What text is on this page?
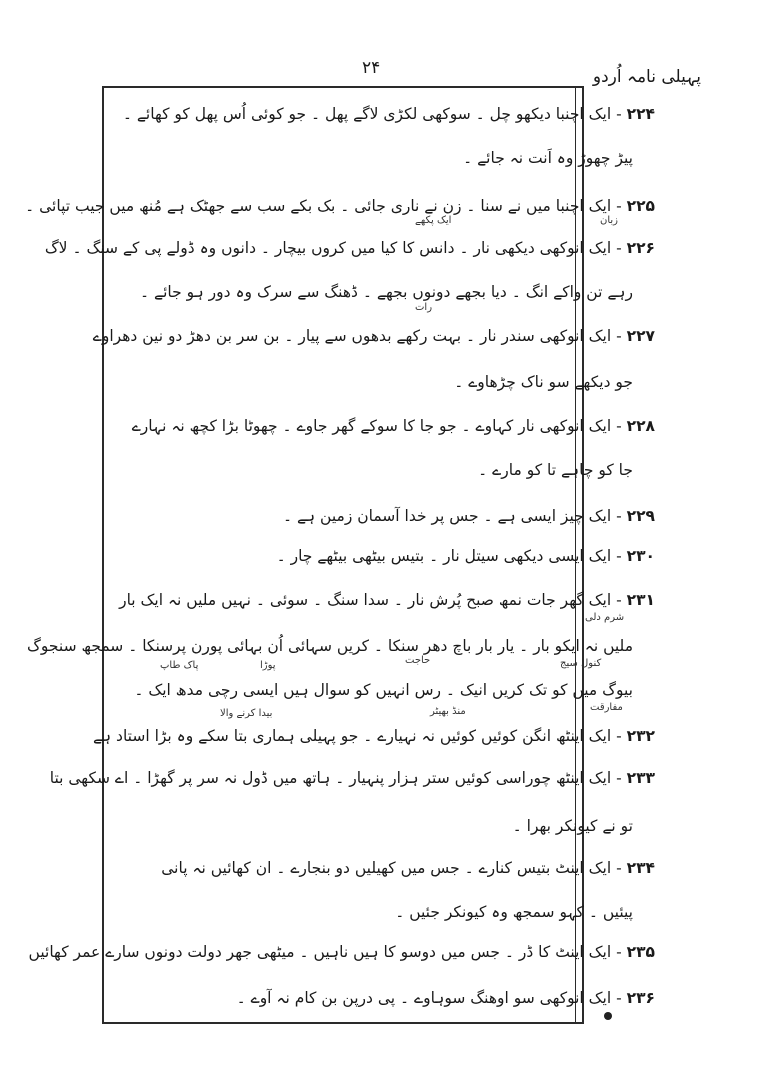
۲۴	پہیلی نامہ اُردو
۲۲۴ - ایک اچنبا دیکھو چل ۔ سوکھی لکڑی لاگے پھل ۔ جو کوئی اُس پھل کو کھائے ۔
پیڑ چھوڑ وہ اَنت نہ جائے ۔
۲۲۵ - ایک اچنبا میں نے سنا ۔ زن نے ناری جائی ۔ بک بکے سب سے جھٹک ہے مُنھ میں جیب تپائی ۔
۲۲۶ - ایک انوکھی دیکھی نار ۔ دانس کا کیا میں کروں بیچار ۔ دانوں وہ ڈولے پی کے سنگ ۔ لاگ
رہے تن واکے انگ ۔ دیا بجھے دونوں بجھے ۔ ڈھنگ سے سرک وہ دور ہو جائے ۔
۲۲۷ - ایک انوکھی سندر نار ۔ بہت رکھے بدھوں سے پیار ۔ بن سر بن دھڑ دو نین دھراوے
جو دیکھے سو ناک چڑھاوے ۔
۲۲۸ - ایک انوکھی نار کہاوے ۔ جو جا کا سوکے گھر جاوے ۔ چھوٹا بڑا کچھ نہ نہارے
جا کو چاہے تا کو مارے ۔
۲۲۹ - ایک چیز ایسی ہے ۔ جس پر خدا آسمان زمین ہے ۔
۲۳۰ - ایک ایسی دیکھی سیتل نار ۔ بتیس بیٹھی بیٹھے چار ۔
۲۳۱ - ایک گھر جات نمھ صبح پُرش نار ۔ سدا سنگ ۔ سوئی ۔ نہیں ملیں نہ ایک بار
ملیں نہ ایکو بار ۔ یار بار باچ دھر سنکا ۔ کریں سہائی اُن بہائی پورن پرسنکا ۔ سمجھ سنجوگ
بیوگ میں کو تک کریں انیک ۔ رس انہیں کو سوال ہیں ایسی رچی مدھ ایک ۔
۲۳۲ - ایک اینٹھ انگن کوئیں کوئیں نہ نہیارے ۔ جو پہیلی ہماری بتا سکے وہ بڑا استاد ہے
۲۳۳ - ایک اینٹھ چوراسی کوئیں ستر ہزار پنہیار ۔ ہاتھ میں ڈول نہ سر پر گھڑا ۔ اے سکھی بتا
تو نے کیونکر بھرا ۔
۲۳۴ - ایک اینٹ بتیس کنارے ۔ جس میں کھیلیں دو بنجارے ۔ ان کھائیں نہ پانی
پیئیں ۔ کہو سمجھ وہ کیونکر جئیں ۔
۲۳۵ - ایک اینٹ کا ڈر ۔ جس میں دوسو کا ہیں ناہیں ۔ میٹھی جھر دولت دونوں سارے عمر کھائیں
۲۳۶ - ایک انوکھی سو اوھنگ سوہاوے ۔ پی درپن بن کام نہ آوے ۔
زبان
ایک پکھے
رات
شرم دلی
حاجت	کنول سیج
پوڑا
پاک طاپ
مفارقت
بیدا کرنے والا	منڈ بھیٹر
